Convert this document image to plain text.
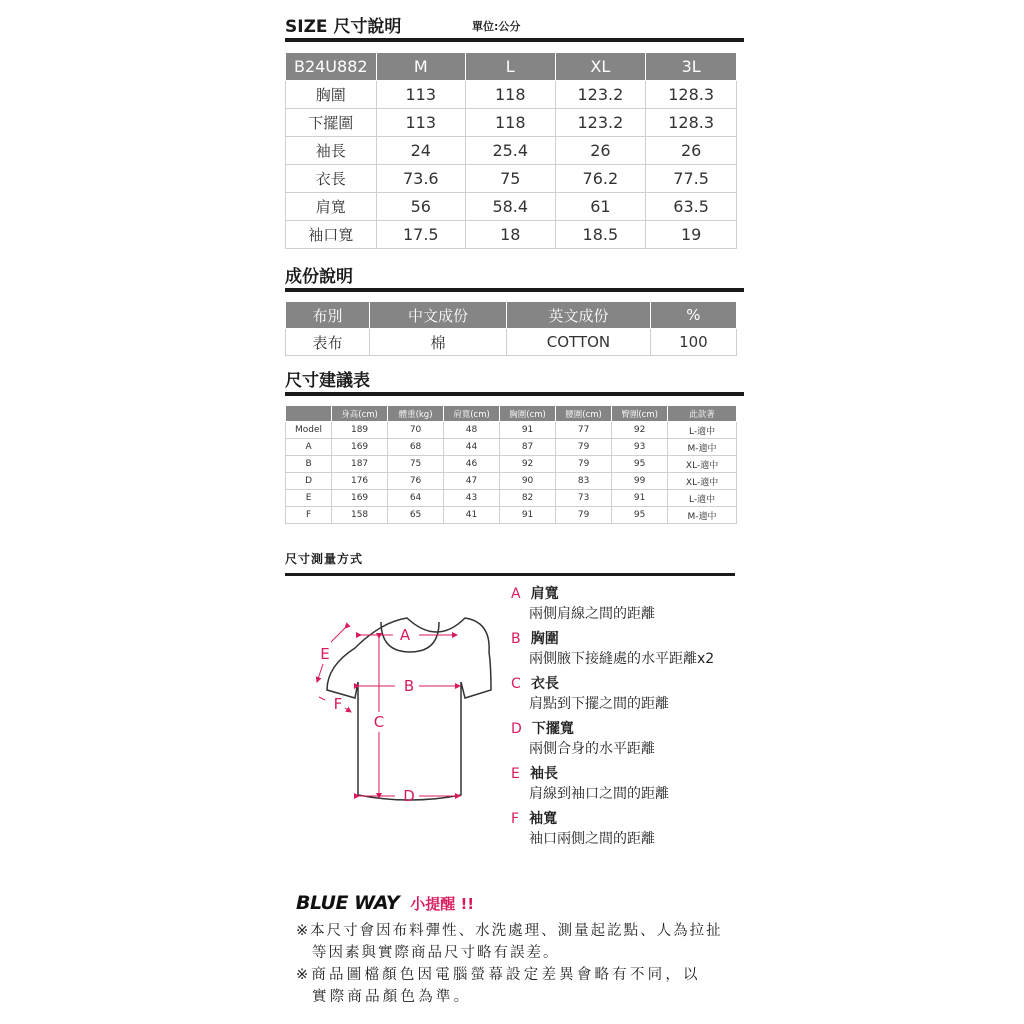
SIZE 尺寸說明	單位:公分
B24U882	M	L	XL	3L
胸圍	113	118	123.2	128.3
下擺圍	113	118	123.2	128.3
袖長	24	25.4	26	26
衣長	73.6	75	76.2	77.5
肩寬	56	58.4	61	63.5
袖口寬	17.5	18	18.5	19
成份說明
布別	中文成份	英文成份	%
表布	棉	COTTON	100
尺寸建議表
	身高(cm)	體重(kg)	肩寬(cm)	胸圍(cm)	腰圍(cm)	臀圍(cm)	此款著
Model	189	70	48	91	77	92	L-適中
A	169	68	44	87	79	93	M-適中
B	187	75	46	92	79	95	XL-適中
D	176	76	47	90	83	99	XL-適中
E	169	64	43	82	73	91	L-適中
F	158	65	41	91	79	95	M-適中
尺寸測量方式
A
B
C
D
E
F
A 肩寬
兩側肩線之間的距離
B 胸圍
兩側腋下接縫處的水平距離x2
C 衣長
肩點到下擺之間的距離
D 下擺寬
兩側合身的水平距離
E 袖長
肩線到袖口之間的距離
F 袖寬
袖口兩側之間的距離
BLUE WAY 小提醒 !!
※本尺寸會因布料彈性、水洗處理、測量起訖點、人為拉扯
等因素與實際商品尺寸略有誤差。
※商品圖檔顏色因電腦螢幕設定差異會略有不同，以
實際商品顏色為準。
